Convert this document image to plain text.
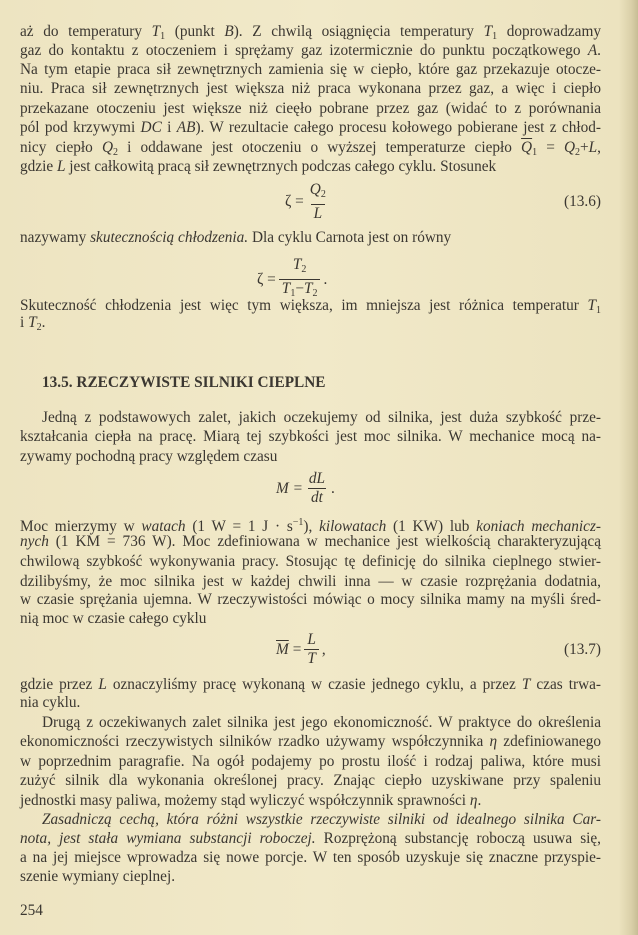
aż do temperatury $T_1$ (punkt B). Z chwilą osiągnięcia temperatury $T_1$ doprowadzamy
gaz do kontaktu z otoczeniem i sprężamy gaz izotermicznie do punktu początkowego A.
Na tym etapie praca sił zewnętrznych zamienia się w ciepło, które gaz przekazuje otocze-
niu. Praca sił zewnętrznych jest większa niż praca wykonana przez gaz, a więc i ciepło
przekazane otoczeniu jest większe niż cieęło pobrane przez gaz (widać to z porównania
pól pod krzywymi DC i AB). W rezultacie całego procesu kołowego pobierane jest z chłod-
nicy ciepło $Q_2$ i oddawane jest otoczeniu o wyższej temperaturze ciepło $\overline{Q}_1 = Q_2+L$,
gdzie L jest całkowitą pracą sił zewnętrznych podczas całego cyklu. Stosunek
$\zeta = \frac{Q_2}{L}$	(13.6)
nazywamy skutecznością chłodzenia. Dla cyklu Carnota jest on równy
$\zeta = \frac{T_2}{T_1-T_2}$ .
Skuteczność chłodzenia jest więc tym większa, im mniejsza jest różnica temperatur $T_1$
i $T_2$.
13.5. RZECZYWISTE SILNIKI CIEPLNE
Jedną z podstawowych zalet, jakich oczekujemy od silnika, jest duża szybkość prze-
kształcania ciepła na pracę. Miarą tej szybkości jest moc silnika. W mechanice mocą na-
zywamy pochodną pracy względem czasu
$M = \frac{dL}{dt}$ .
Moc mierzymy w watach (1 W = 1 $J \cdot s^{-1}$), kilowatach (1 KW) lub koniach mechanicz-
nych (1 KM = 736 W). Moc zdefiniowana w mechanice jest wielkością charakteryzującą
chwilową szybkość wykonywania pracy. Stosując tę definicję do silnika cieplnego stwier-
dzilibyśmy, że moc silnika jest w każdej chwili inna — w czasie rozprężania dodatnia,
w czasie sprężania ujemna. W rzeczywistości mówiąc o mocy silnika mamy na myśli śred-
nią moc w czasie całego cyklu
$\overline{M} = \frac{L}{T}$ ,	(13.7)
gdzie przez L oznaczyliśmy pracę wykonaną w czasie jednego cyklu, a przez T czas trwa-
nia cyklu.
Drugą z oczekiwanych zalet silnika jest jego ekonomiczność. W praktyce do określenia
ekonomiczności rzeczywistych silników rzadko używamy współczynnika η zdefiniowanego
w poprzednim paragrafie. Na ogół podajemy po prostu ilość i rodzaj paliwa, które musi
zużyć silnik dla wykonania określonej pracy. Znając ciepło uzyskiwane przy spaleniu
jednostki masy paliwa, możemy stąd wyliczyć współczynnik sprawności η.
Zasadniczą cechą, która różni wszystkie rzeczywiste silniki od idealnego silnika Car-
nota, jest stała wymiana substancji roboczej. Rozprężoną substancję roboczą usuwa się,
a na jej miejsce wprowadza się nowe porcje. W ten sposób uzyskuje się znaczne przyspie-
szenie wymiany cieplnej.
254
